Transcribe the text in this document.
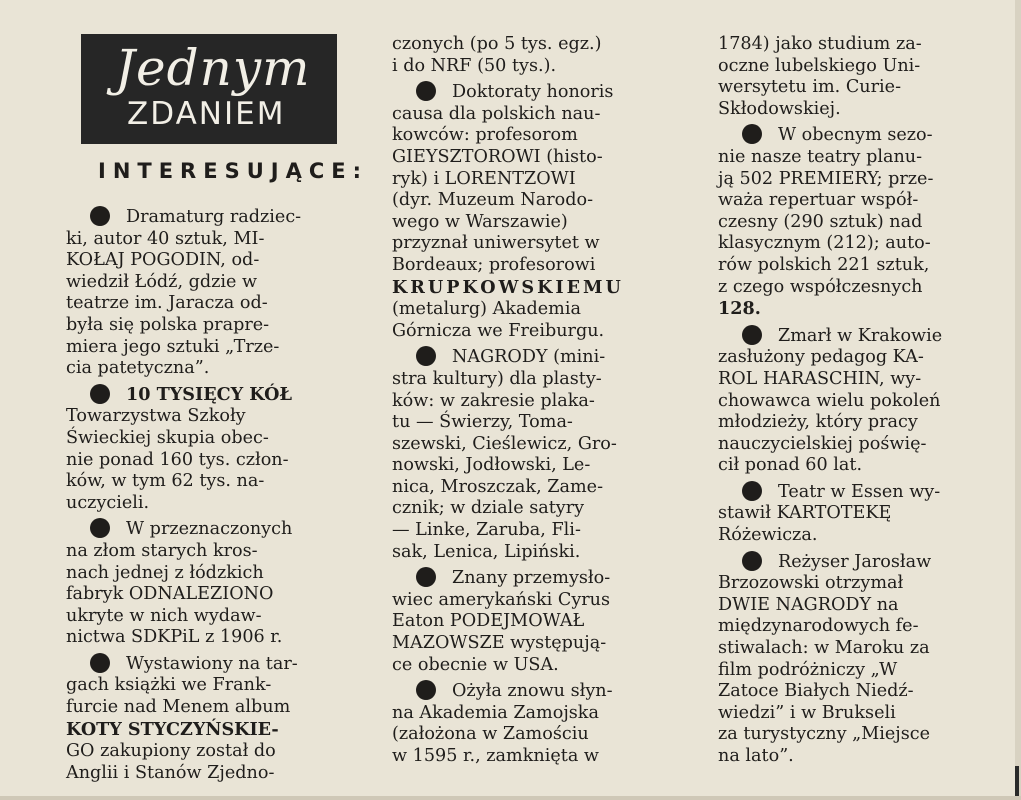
Jednym
ZDANIEM
INTERESUJĄCE:

Dramaturg radziec-

ki, autor 40 sztuk, MI-

KOŁAJ POGODIN, od-

wiedził Łódź, gdzie w

teatrze im. Jaracza od-

była się polska prapre-

miera jego sztuki „Trze-

cia patetyczna”.

10 TYSIĘCY KÓŁ

Towarzystwa Szkoły

Świeckiej skupia obec-

nie ponad 160 tys. człon-

ków, w tym 62 tys. na-

uczycieli.

W przeznaczonych

na złom starych kros-

nach jednej z łódzkich

fabryk ODNALEZIONO

ukryte w nich wydaw-

nictwa SDKPiL z 1906 r.

Wystawiony na tar-

gach książki we Frank-

furcie nad Menem album

KOTY STYCZYŃSKIE-

GO zakupiony został do

Anglii i Stanów Zjedno-

czonych (po 5 tys. egz.)

i do NRF (50 tys.).

Doktoraty honoris

causa dla polskich nau-

kowców: profesorom

GIEYSZTOROWI (histo-

ryk) i LORENTZOWI

(dyr. Muzeum Narodo-

wego w Warszawie)

przyznał uniwersytet w

Bordeaux; profesorowi

KRUPKOWSKIEMU

(metalurg) Akademia

Górnicza we Freiburgu.

NAGRODY (mini-

stra kultury) dla plasty-

ków: w zakresie plaka-

tu — Świerzy, Toma-

szewski, Cieślewicz, Gro-

nowski, Jodłowski, Le-

nica, Mroszczak, Zame-

cznik; w dziale satyry

— Linke, Zaruba, Fli-

sak, Lenica, Lipiński.

Znany przemysło-

wiec amerykański Cyrus

Eaton PODEJMOWAŁ

MAZOWSZE występują-

ce obecnie w USA.

Ożyła znowu słyn-

na Akademia Zamojska

(założona w Zamościu

w 1595 r., zamknięta w

1784) jako studium za-

oczne lubelskiego Uni-

wersytetu im. Curie-

Skłodowskiej.

W obecnym sezo-

nie nasze teatry planu-

ją 502 PREMIERY; prze-

waża repertuar współ-

czesny (290 sztuk) nad

klasycznym (212); auto-

rów polskich 221 sztuk,

z czego współczesnych

128.

Zmarł w Krakowie

zasłużony pedagog KA-

ROL HARASCHIN, wy-

chowawca wielu pokoleń

młodzieży, który pracy

nauczycielskiej poświę-

cił ponad 60 lat.

Teatr w Essen wy-

stawił KARTOTEKĘ

Różewicza.

Reżyser Jarosław

Brzozowski otrzymał

DWIE NAGRODY na

międzynarodowych fe-

stiwalach: w Maroku za

film podróżniczy „W

Zatoce Białych Niedź-

wiedzi” i w Brukseli

za turystyczny „Miejsce

na lato”.
